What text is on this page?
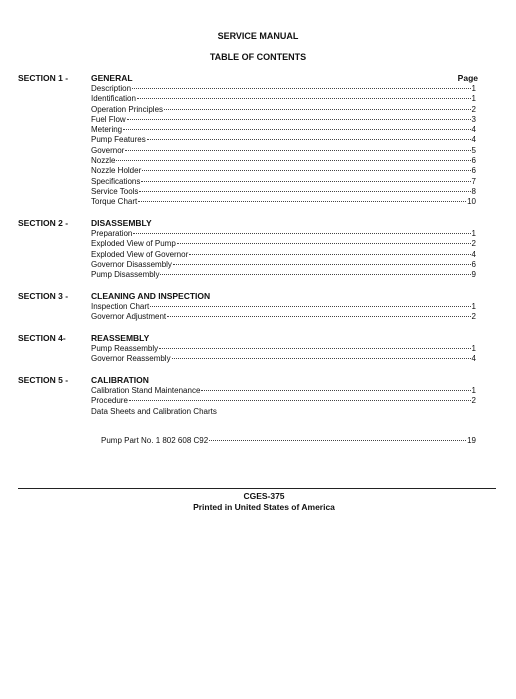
SERVICE MANUAL
TABLE OF CONTENTS
SECTION 1 -	GENERAL	Page
Description	1
Identification	1
Operation Principles	2
Fuel Flow	3
Metering	4
Pump Features	4
Governor	5
Nozzle	6
Nozzle Holder	6
Specifications	7
Service Tools	8
Torque Chart	10
SECTION 2 -	DISASSEMBLY
Preparation	1
Exploded View of Pump	2
Exploded View of Governor	4
Governor Disassembly	6
Pump Disassembly	9
SECTION 3 -	CLEANING AND INSPECTION
Inspection Chart	1
Governor Adjustment	2
SECTION 4-	REASSEMBLY
Pump Reassembly	1
Governor Reassembly	4
SECTION 5 -	CALIBRATION
Calibration Stand Maintenance	1
Procedure	2
Data Sheets and Calibration Charts
Pump Part No. 1 802 608 C92	19
CGES-375
Printed in United States of America
